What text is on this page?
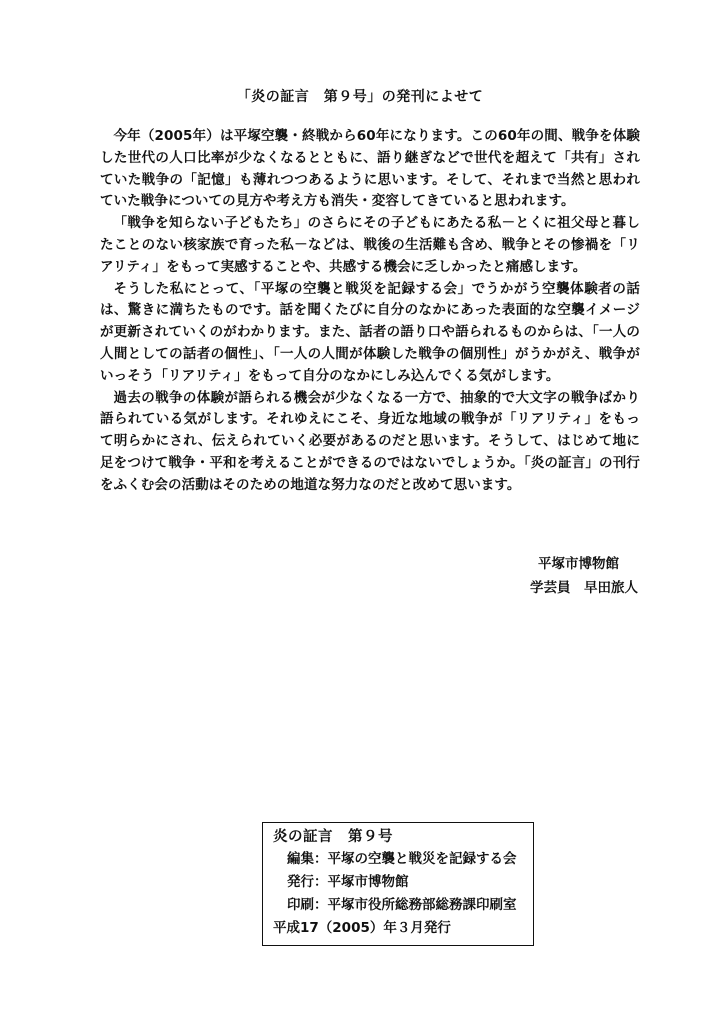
「炎の証言　第９号」の発刊によせて

今年（2005年）は平塚空襲・終戦から60年になります。この60年の間、戦争を体験した世代の人口比率が少なくなるとともに、語り継ぎなどで世代を超えて「共有」されていた戦争の「記憶」も薄れつつあるように思います。そして、それまで当然と思われていた戦争についての見方や考え方も消失・変容してきていると思われます。

「戦争を知らない子どもたち」のさらにその子どもにあたる私－とくに祖父母と暮したことのない核家族で育った私－などは、戦後の生活難も含め、戦争とその惨禍を「リアリティ」をもって実感することや、共感する機会に乏しかったと痛感します。

そうした私にとって、「平塚の空襲と戦災を記録する会」でうかがう空襲体験者の話は、驚きに満ちたものです。話を聞くたびに自分のなかにあった表面的な空襲イメージが更新されていくのがわかります。また、話者の語り口や語られるものからは、「一人の人間としての話者の個性」、「一人の人間が体験した戦争の個別性」がうかがえ、戦争がいっそう「リアリティ」をもって自分のなかにしみ込んでくる気がします。

過去の戦争の体験が語られる機会が少なくなる一方で、抽象的で大文字の戦争ばかり語られている気がします。それゆえにこそ、身近な地域の戦争が「リアリティ」をもって明らかにされ、伝えられていく必要があるのだと思います。そうして、はじめて地に足をつけて戦争・平和を考えることができるのではないでしょうか。「炎の証言」の刊行をふくむ会の活動はそのための地道な努力なのだと改めて思います。

平塚市博物館
学芸員　早田旅人
炎の証言　第９号
編集：平塚の空襲と戦災を記録する会
発行：平塚市博物館
印刷：平塚市役所総務部総務課印刷室
平成17（2005）年３月発行
